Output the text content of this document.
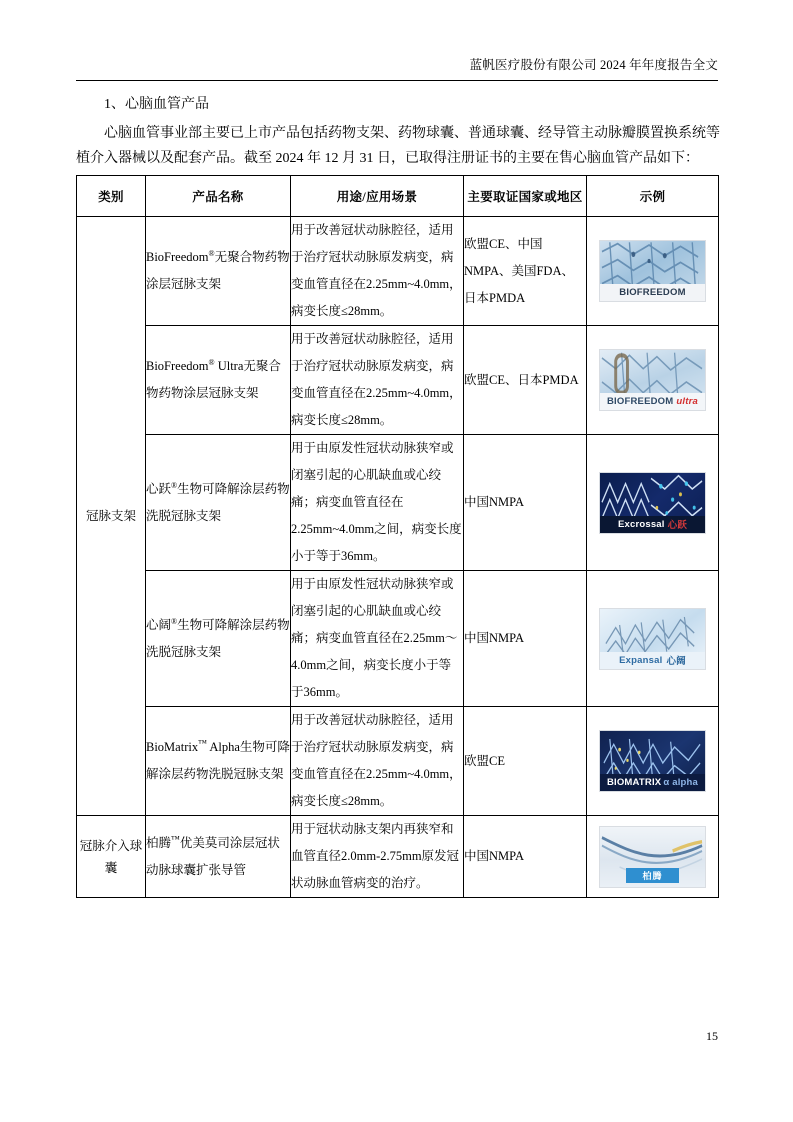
蓝帆医疗股份有限公司 2024 年年度报告全文
1、心脑血管产品
心脑血管事业部主要已上市产品包括药物支架、药物球囊、普通球囊、经导管主动脉瓣膜置换系统等植介入器械以及配套产品。截至 2024 年 12 月 31 日，已取得注册证书的主要在售心脑血管产品如下：
类别	产品名称	用途/应用场景	主要取证国家或地区	示例
冠脉支架	BioFreedom®无聚合物药物涂层冠脉支架	用于改善冠状动脉腔径，适用于治疗冠状动脉原发病变，病变血管直径在2.25mm~4.0mm，病变长度≤28mm。	欧盟CE、中国NMPA、美国FDA、日本PMDA	BIOFREEDOM

	BioFreedom® Ultra无聚合物药物涂层冠脉支架	用于改善冠状动脉腔径，适用于治疗冠状动脉原发病变，病变血管直径在2.25mm~4.0mm，病变长度≤28mm。	欧盟CE、日本PMDA	BIOFREEDOM ultra

	心跃®生物可降解涂层药物洗脱冠脉支架	用于由原发性冠状动脉狭窄或闭塞引起的心肌缺血或心绞痛；病变血管直径在2.25mm~4.0mm之间，病变长度小于等于36mm。	中国NMPA	Excrossal 心跃

	心阔®生物可降解涂层药物洗脱冠脉支架	用于由原发性冠状动脉狭窄或闭塞引起的心肌缺血或心绞痛；病变血管直径在2.25mm～4.0mm之间，病变长度小于等于36mm。	中国NMPA	Expansal 心阔

	BioMatrix™ Alpha生物可降解涂层药物洗脱冠脉支架	用于改善冠状动脉腔径，适用于治疗冠状动脉原发病变，病变血管直径在2.25mm~4.0mm，病变长度≤28mm。	欧盟CE	BIOMATRIX α alpha

冠脉介入球囊	柏腾™优美莫司涂层冠状动脉球囊扩张导管	用于冠状动脉支架内再狭窄和血管直径2.0mm-2.75mm原发冠状动脉血管病变的治疗。	中国NMPA	柏腾
15
